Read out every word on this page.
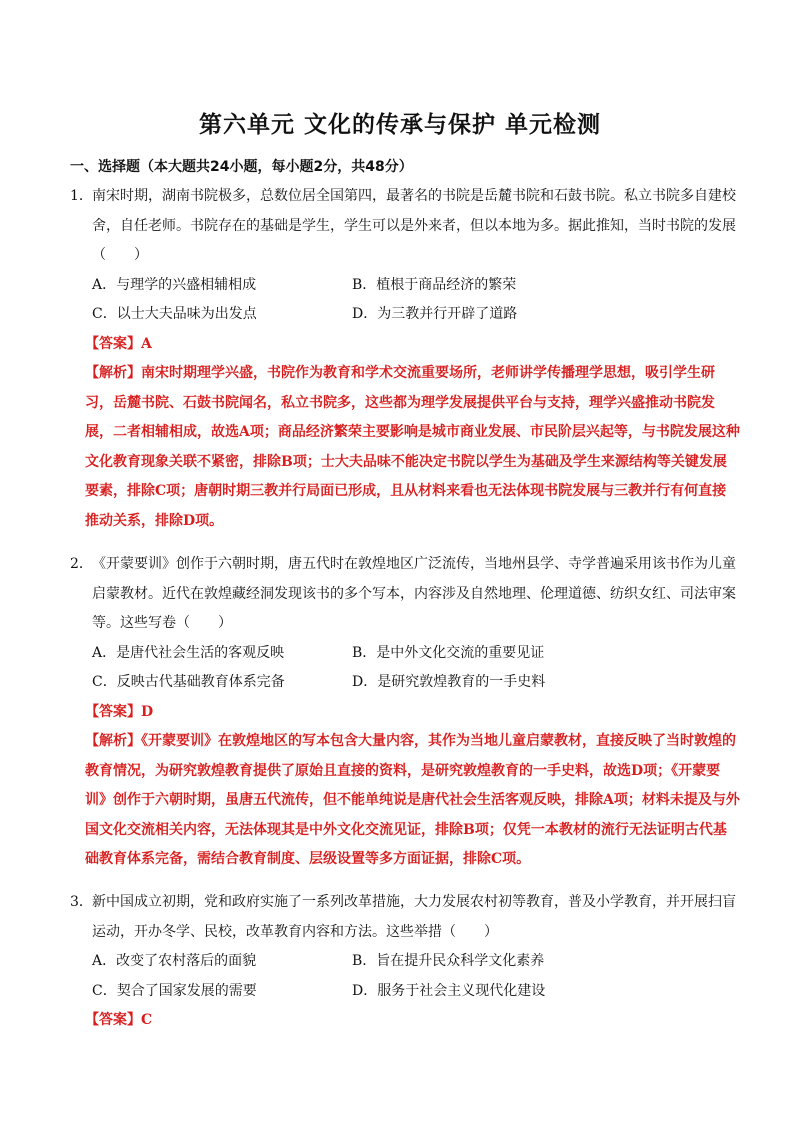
第六单元 文化的传承与保护 单元检测
一、选择题（本大题共24小题，每小题2分，共48分）
1． 南宋时期，湖南书院极多，总数位居全国第四，最著名的书院是岳麓书院和石鼓书院。私立书院多自建校舍，自任老师。书院存在的基础是学生，学生可以是外来者，但以本地为多。据此推知，当时书院的发展（　　）
A．与理学的兴盛相辅相成	B．植根于商品经济的繁荣
C．以士大夫品味为出发点	D．为三教并行开辟了道路
【答案】A
【解析】南宋时期理学兴盛，书院作为教育和学术交流重要场所，老师讲学传播理学思想，吸引学生研习，岳麓书院、石鼓书院闻名，私立书院多，这些都为理学发展提供平台与支持，理学兴盛推动书院发展，二者相辅相成，故选A项；商品经济繁荣主要影响是城市商业发展、市民阶层兴起等，与书院发展这种文化教育现象关联不紧密，排除B项；士大夫品味不能决定书院以学生为基础及学生来源结构等关键发展要素，排除C项；唐朝时期三教并行局面已形成，且从材料来看也无法体现书院发展与三教并行有何直接推动关系，排除D项。
2． 《开蒙要训》创作于六朝时期，唐五代时在敦煌地区广泛流传，当地州县学、寺学普遍采用该书作为儿童启蒙教材。近代在敦煌藏经洞发现该书的多个写本，内容涉及自然地理、伦理道德、纺织女红、司法审案等。这些写卷（　　）
A．是唐代社会生活的客观反映	B．是中外文化交流的重要见证
C．反映古代基础教育体系完备	D．是研究敦煌教育的一手史料
【答案】D
【解析】《开蒙要训》在敦煌地区的写本包含大量内容，其作为当地儿童启蒙教材，直接反映了当时敦煌的教育情况，为研究敦煌教育提供了原始且直接的资料，是研究敦煌教育的一手史料，故选D项；《开蒙要训》创作于六朝时期，虽唐五代流传，但不能单纯说是唐代社会生活客观反映，排除A项；材料未提及与外国文化交流相关内容，无法体现其是中外文化交流见证，排除B项；仅凭一本教材的流行无法证明古代基础教育体系完备，需结合教育制度、层级设置等多方面证据，排除C项。
3． 新中国成立初期，党和政府实施了一系列改革措施，大力发展农村初等教育，普及小学教育，并开展扫盲运动，开办冬学、民校，改革教育内容和方法。这些举措（　　）
A．改变了农村落后的面貌	B．旨在提升民众科学文化素养
C．契合了国家发展的需要	D．服务于社会主义现代化建设
【答案】C
